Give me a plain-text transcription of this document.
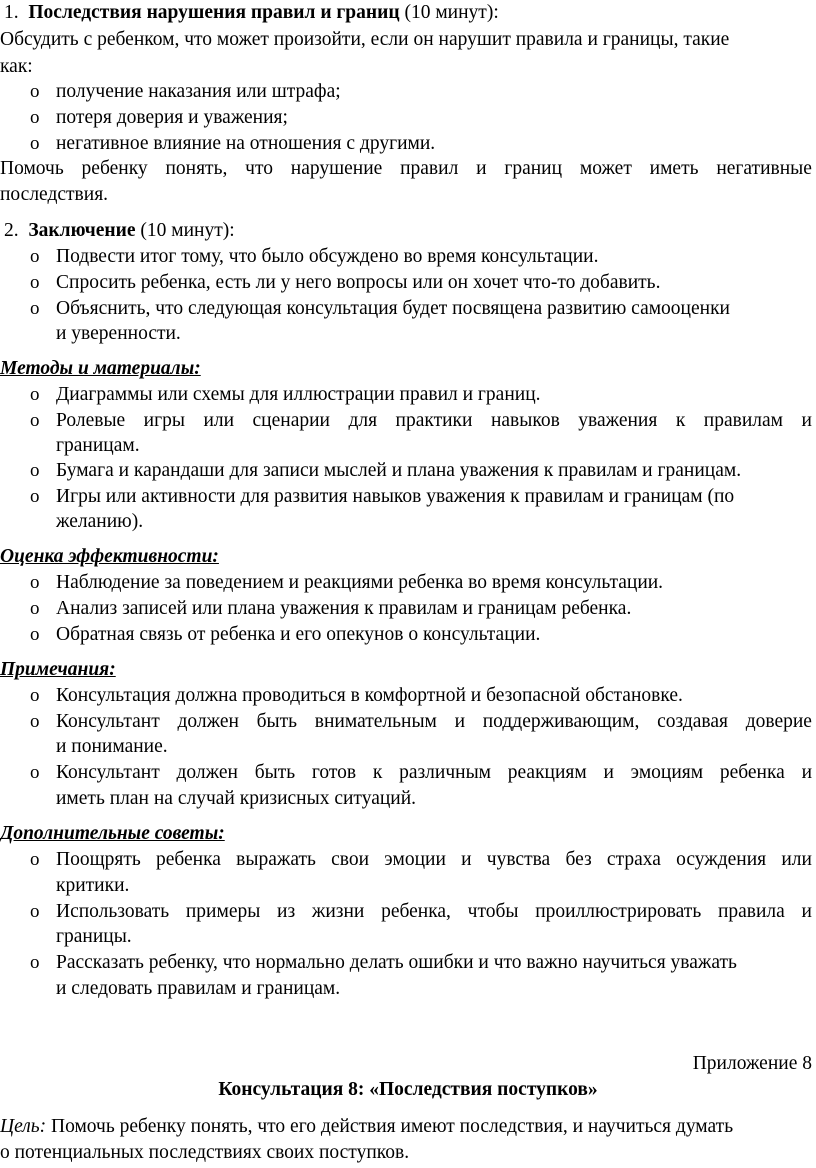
1. Последствия нарушения правил и границ (10 минут):
Обсудить с ребенком, что может произойти, если он нарушит правила и границы, такие
как:
o получение наказания или штрафа;
o потеря доверия и уважения;
o негативное влияние на отношения с другими.
Помочь ребенку понять, что нарушение правил и границ может иметь негативные
последствия.
2. Заключение (10 минут):
o Подвести итог тому, что было обсуждено во время консультации.
o Спросить ребенка, есть ли у него вопросы или он хочет что-то добавить.
o Объяснить, что следующая консультация будет посвящена развитию самооценки
и уверенности.
Методы и материалы:
o Диаграммы или схемы для иллюстрации правил и границ.
o Ролевые игры или сценарии для практики навыков уважения к правилам и
границам.
o Бумага и карандаши для записи мыслей и плана уважения к правилам и границам.
o Игры или активности для развития навыков уважения к правилам и границам (по
желанию).
Оценка эффективности:
o Наблюдение за поведением и реакциями ребенка во время консультации.
o Анализ записей или плана уважения к правилам и границам ребенка.
o Обратная связь от ребенка и его опекунов о консультации.
Примечания:
o Консультация должна проводиться в комфортной и безопасной обстановке.
o Консультант должен быть внимательным и поддерживающим, создавая доверие
и понимание.
o Консультант должен быть готов к различным реакциям и эмоциям ребенка и
иметь план на случай кризисных ситуаций.
Дополнительные советы:
o Поощрять ребенка выражать свои эмоции и чувства без страха осуждения или
критики.
o Использовать примеры из жизни ребенка, чтобы проиллюстрировать правила и
границы.
o Рассказать ребенку, что нормально делать ошибки и что важно научиться уважать
и следовать правилам и границам.
Приложение 8
Консультация 8: «Последствия поступков»
Цель: Помочь ребенку понять, что его действия имеют последствия, и научиться думать
о потенциальных последствиях своих поступков.
